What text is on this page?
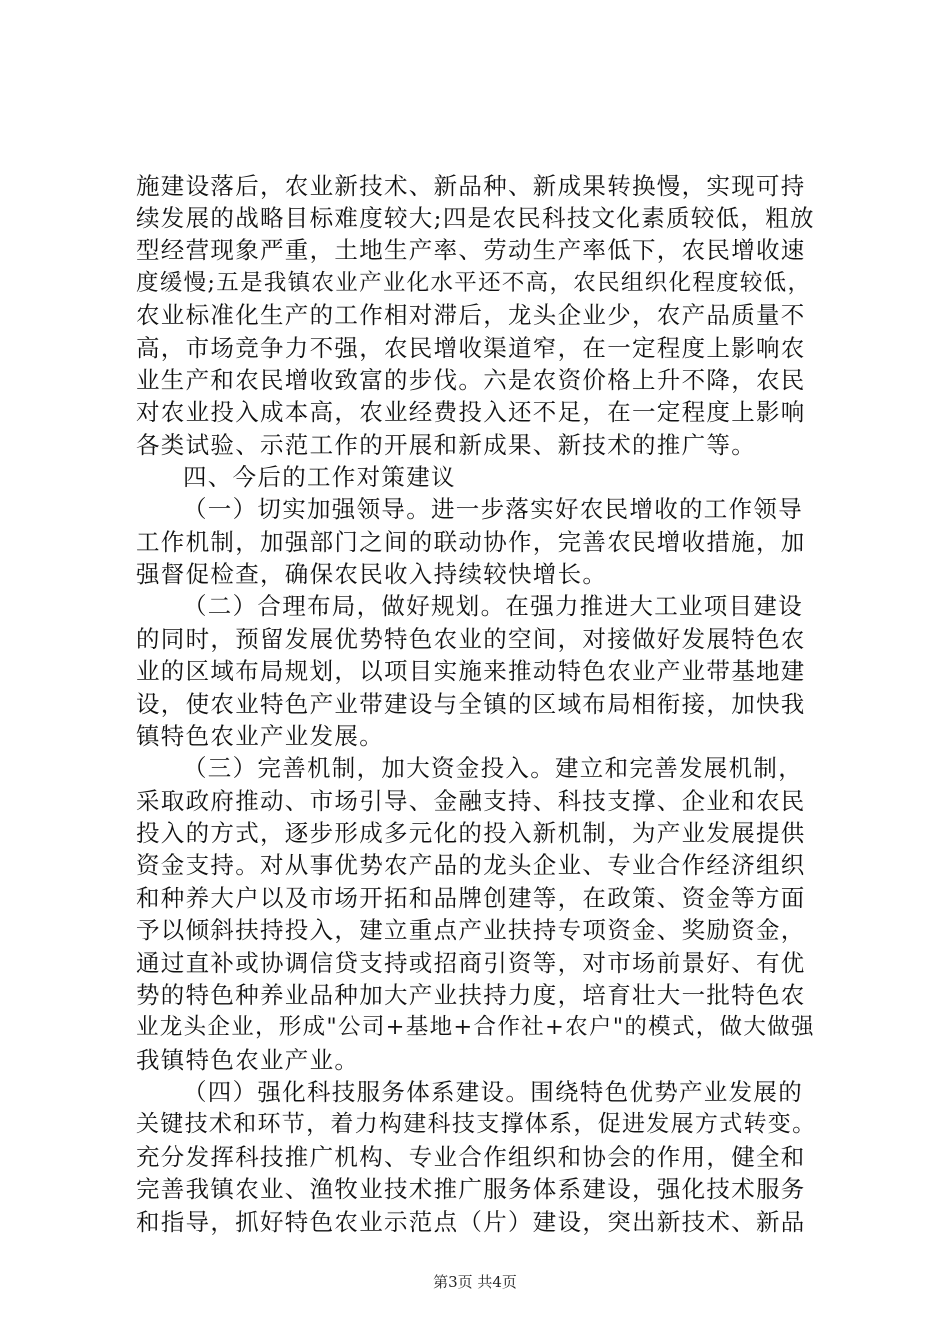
施建设落后，农业新技术、新品种、新成果转换慢，实现可持
续发展的战略目标难度较大;四是农民科技文化素质较低，粗放
型经营现象严重，土地生产率、劳动生产率低下，农民增收速
度缓慢;五是我镇农业产业化水平还不高，农民组织化程度较低，
农业标准化生产的工作相对滞后，龙头企业少，农产品质量不
高，市场竞争力不强，农民增收渠道窄，在一定程度上影响农
业生产和农民增收致富的步伐。六是农资价格上升不降，农民
对农业投入成本高，农业经费投入还不足，在一定程度上影响
各类试验、示范工作的开展和新成果、新技术的推广等。
四、今后的工作对策建议
（一）切实加强领导。进一步落实好农民增收的工作领导
工作机制，加强部门之间的联动协作，完善农民增收措施，加
强督促检查，确保农民收入持续较快增长。
（二）合理布局，做好规划。在强力推进大工业项目建设
的同时，预留发展优势特色农业的空间，对接做好发展特色农
业的区域布局规划，以项目实施来推动特色农业产业带基地建
设，使农业特色产业带建设与全镇的区域布局相衔接，加快我
镇特色农业产业发展。
（三）完善机制，加大资金投入。建立和完善发展机制，
采取政府推动、市场引导、金融支持、科技支撑、企业和农民
投入的方式，逐步形成多元化的投入新机制，为产业发展提供
资金支持。对从事优势农产品的龙头企业、专业合作经济组织
和种养大户以及市场开拓和品牌创建等，在政策、资金等方面
予以倾斜扶持投入，建立重点产业扶持专项资金、奖励资金，
通过直补或协调信贷支持或招商引资等，对市场前景好、有优
势的特色种养业品种加大产业扶持力度，培育壮大一批特色农
业龙头企业，形成"公司+基地+合作社+农户"的模式，做大做强
我镇特色农业产业。
（四）强化科技服务体系建设。围绕特色优势产业发展的
关键技术和环节，着力构建科技支撑体系，促进发展方式转变。
充分发挥科技推广机构、专业合作组织和协会的作用，健全和
完善我镇农业、渔牧业技术推广服务体系建设，强化技术服务
和指导，抓好特色农业示范点（片）建设，突出新技术、新品
第3页 共4页
